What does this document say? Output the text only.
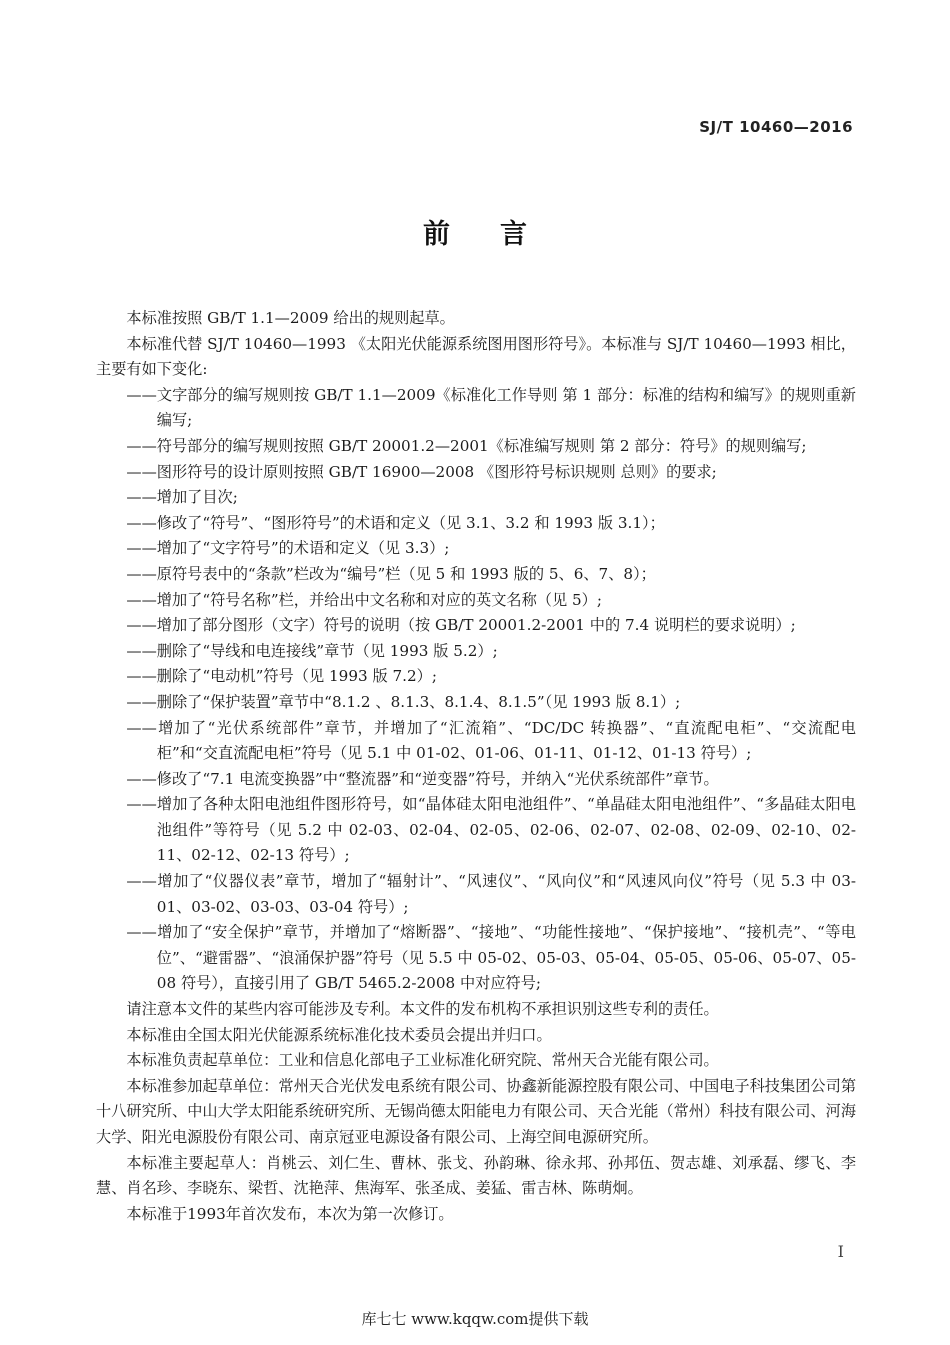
SJ/T 10460—2016
前言

本标准按照 GB/T 1.1—2009 给出的规则起草。

本标准代替 SJ/T 10460—1993 《太阳光伏能源系统图用图形符号》。本标准与 SJ/T 10460—1993 相比，主要有如下变化:

——文字部分的编写规则按 GB/T 1.1—2009《标准化工作导则 第 1 部分：标准的结构和编写》的规则重新编写;

——符号部分的编写规则按照 GB/T 20001.2—2001《标准编写规则 第 2 部分：符号》的规则编写;

——图形符号的设计原则按照 GB/T 16900—2008 《图形符号标识规则 总则》的要求;

——增加了目次;

——修改了“符号”、“图形符号”的术语和定义（见 3.1、3.2 和 1993 版 3.1）；

——增加了“文字符号”的术语和定义（见 3.3）;

——原符号表中的“条款”栏改为“编号”栏（见 5 和 1993 版的 5、6、7、8）；

——增加了“符号名称”栏，并给出中文名称和对应的英文名称（见 5）;

——增加了部分图形（文字）符号的说明（按 GB/T 20001.2-2001 中的 7.4 说明栏的要求说明）;

——删除了“导线和电连接线”章节（见 1993 版 5.2）;

——删除了“电动机”符号（见 1993 版 7.2）;

——删除了“保护装置”章节中“8.1.2 、8.1.3、8.1.4、8.1.5”（见 1993 版 8.1）;

——增加了“光伏系统部件”章节，并增加了“汇流箱”、“DC/DC 转换器”、“直流配电柜”、“交流配电柜”和“交直流配电柜”符号（见 5.1 中 01-02、01-06、01-11、01-12、01-13 符号）;

——修改了“7.1 电流变换器”中“整流器”和“逆变器”符号，并纳入“光伏系统部件”章节。

——增加了各种太阳电池组件图形符号，如“晶体硅太阳电池组件”、“单晶硅太阳电池组件”、“多晶硅太阳电池组件”等符号（见 5.2 中 02-03、02-04、02-05、02-06、02-07、02-08、02-09、02-10、02-11、02-12、02-13 符号）;

——增加了“仪器仪表”章节，增加了“辐射计”、“风速仪”、“风向仪”和“风速风向仪”符号（见 5.3 中 03-01、03-02、03-03、03-04 符号）;

——增加了“安全保护”章节，并增加了“熔断器”、“接地”、“功能性接地”、“保护接地”、“接机壳”、“等电位”、“避雷器”、“浪涌保护器”符号（见 5.5 中 05-02、05-03、05-04、05-05、05-06、05-07、05-08 符号），直接引用了 GB/T 5465.2-2008 中对应符号;

请注意本文件的某些内容可能涉及专利。本文件的发布机构不承担识别这些专利的责任。

本标准由全国太阳光伏能源系统标准化技术委员会提出并归口。

本标准负责起草单位：工业和信息化部电子工业标准化研究院、常州天合光能有限公司。

本标准参加起草单位：常州天合光伏发电系统有限公司、协鑫新能源控股有限公司、中国电子科技集团公司第十八研究所、中山大学太阳能系统研究所、无锡尚德太阳能电力有限公司、天合光能（常州）科技有限公司、河海大学、阳光电源股份有限公司、南京冠亚电源设备有限公司、上海空间电源研究所。

本标准主要起草人：肖桃云、刘仁生、曹林、张戈、孙韵琳、徐永邦、孙邦伍、贺志雄、刘承磊、缪飞、李慧、肖名珍、李晓东、梁哲、沈艳萍、焦海军、张圣成、姜猛、雷吉林、陈萌炯。

本标准于1993年首次发布，本次为第一次修订。

I
库七七 www.kqqw.com提供下载
